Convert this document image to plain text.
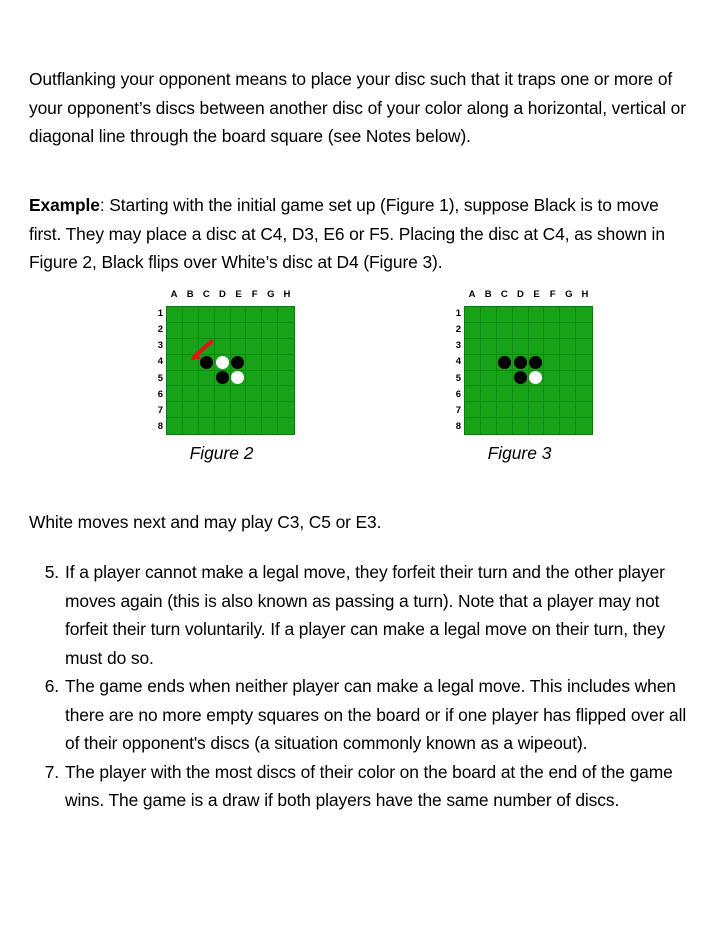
Outflanking your opponent means to place your disc such that it traps one or more of your opponent’s discs between another disc of your color along a horizontal, vertical or diagonal line through the board square (see Notes below).

Example: Starting with the initial game set up (Figure 1), suppose Black is to move first. They may place a disc at C4, D3, E6 or F5. Placing the disc at C4, as shown in Figure 2, Black flips over White’s disc at D4 (Figure 3).

A B C D	E	F	G H
1
2
3
4
5
6
7
8
Figure 2
A B C D	E	F	G H
1
2
3
4
5
6
7
8
Figure 3

White moves next and may play C3, C5 or E3.

5. If a player cannot make a legal move, they forfeit their turn and the other player moves again (this is also known as passing a turn). Note that a player may not forfeit their turn voluntarily. If a player can make a legal move on their turn, they must do so.
6. The game ends when neither player can make a legal move. This includes when there are no more empty squares on the board or if one player has flipped over all of their opponent's discs (a situation commonly known as a wipeout).
7. The player with the most discs of their color on the board at the end of the game wins. The game is a draw if both players have the same number of discs.
